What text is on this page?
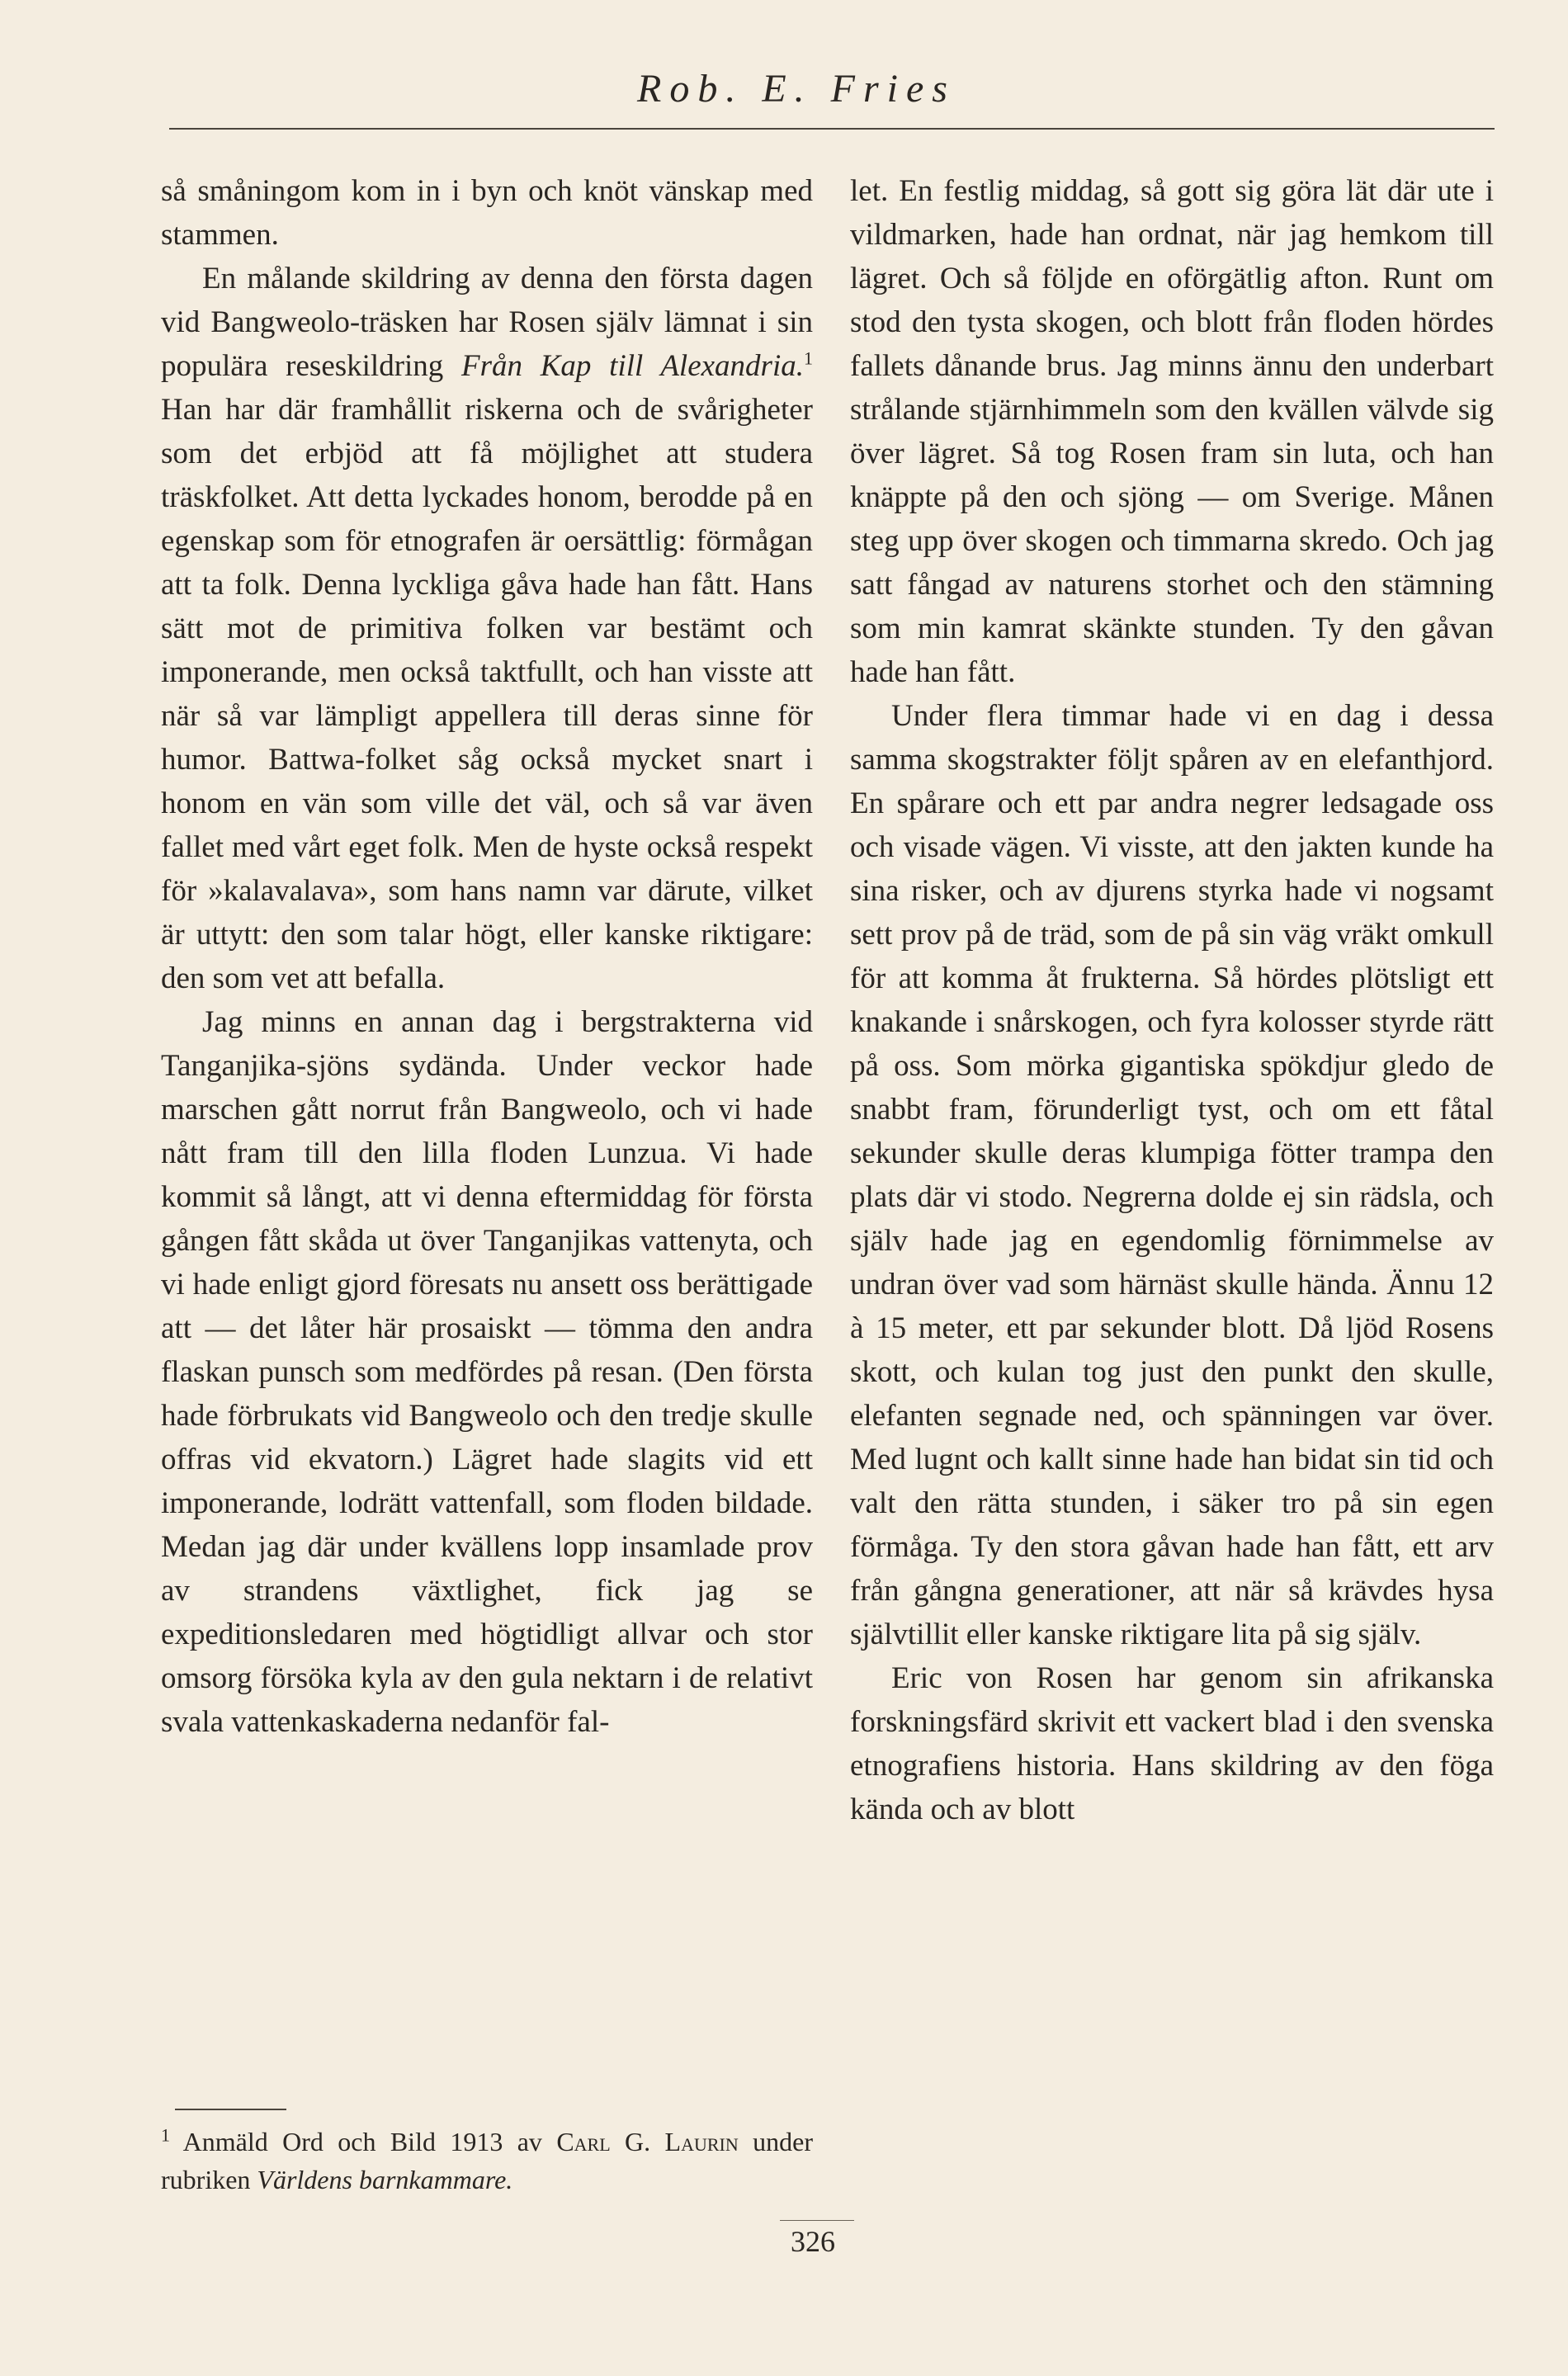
Rob. E. Fries

så småningom kom in i byn och knöt vänskap med stammen.

En målande skildring av denna den första dagen vid Bangweolo-träsken har Rosen själv lämnat i sin populära reseskildring Från Kap till Alexandria.$^1$ Han har där framhållit riskerna och de svårigheter som det erbjöd att få möjlighet att studera träskfolket. Att detta lyckades honom, berodde på en egenskap som för etnografen är oersättlig: förmågan att ta folk. Denna lyckliga gåva hade han fått. Hans sätt mot de primitiva folken var bestämt och imponerande, men också taktfullt, och han visste att när så var lämpligt appellera till deras sinne för humor. Battwa-folket såg också mycket snart i honom en vän som ville det väl, och så var även fallet med vårt eget folk. Men de hyste också respekt för »kalavalava», som hans namn var därute, vilket är uttytt: den som talar högt, eller kanske riktigare: den som vet att befalla.

Jag minns en annan dag i bergstrakterna vid Tanganjika-sjöns sydända. Under veckor hade marschen gått norrut från Bangweolo, och vi hade nått fram till den lilla floden Lunzua. Vi hade kommit så långt, att vi denna eftermiddag för första gången fått skåda ut över Tanganjikas vattenyta, och vi hade enligt gjord föresats nu ansett oss berättigade att — det låter här prosaiskt — tömma den andra flaskan punsch som medfördes på resan. (Den första hade förbrukats vid Bangweolo och den tredje skulle offras vid ekvatorn.) Lägret hade slagits vid ett imponerande, lodrätt vattenfall, som floden bildade. Medan jag där under kvällens lopp insamlade prov av strandens växtlighet, fick jag se expeditionsledaren med högtidligt allvar och stor omsorg försöka kyla av den gula nektarn i de relativt svala vattenkaskaderna nedanför fal-

let. En festlig middag, så gott sig göra lät där ute i vildmarken, hade han ordnat, när jag hemkom till lägret. Och så följde en oförgätlig afton. Runt om stod den tysta skogen, och blott från floden hördes fallets dånande brus. Jag minns ännu den underbart strålande stjärnhimmeln som den kvällen välvde sig över lägret. Så tog Rosen fram sin luta, och han knäppte på den och sjöng — om Sverige. Månen steg upp över skogen och timmarna skredo. Och jag satt fångad av naturens storhet och den stämning som min kamrat skänkte stunden. Ty den gåvan hade han fått.

Under flera timmar hade vi en dag i dessa samma skogstrakter följt spåren av en elefanthjord. En spårare och ett par andra negrer ledsagade oss och visade vägen. Vi visste, att den jakten kunde ha sina risker, och av djurens styrka hade vi nogsamt sett prov på de träd, som de på sin väg vräkt omkull för att komma åt frukterna. Så hördes plötsligt ett knakande i snårskogen, och fyra kolosser styrde rätt på oss. Som mörka gigantiska spökdjur gledo de snabbt fram, förunderligt tyst, och om ett fåtal sekunder skulle deras klumpiga fötter trampa den plats där vi stodo. Negrerna dolde ej sin rädsla, och själv hade jag en egendomlig förnimmelse av undran över vad som härnäst skulle hända. Ännu 12 à 15 meter, ett par sekunder blott. Då ljöd Rosens skott, och kulan tog just den punkt den skulle, elefanten segnade ned, och spänningen var över. Med lugnt och kallt sinne hade han bidat sin tid och valt den rätta stunden, i säker tro på sin egen förmåga. Ty den stora gåvan hade han fått, ett arv från gångna generationer, att när så krävdes hysa självtillit eller kanske riktigare lita på sig själv.

Eric von Rosen har genom sin afrikanska forskningsfärd skrivit ett vackert blad i den svenska etnografiens historia. Hans skildring av den föga kända och av blott

$^1$ Anmäld Ord och Bild 1913 av Carl G. Laurin under rubriken Världens barnkammare.
326
